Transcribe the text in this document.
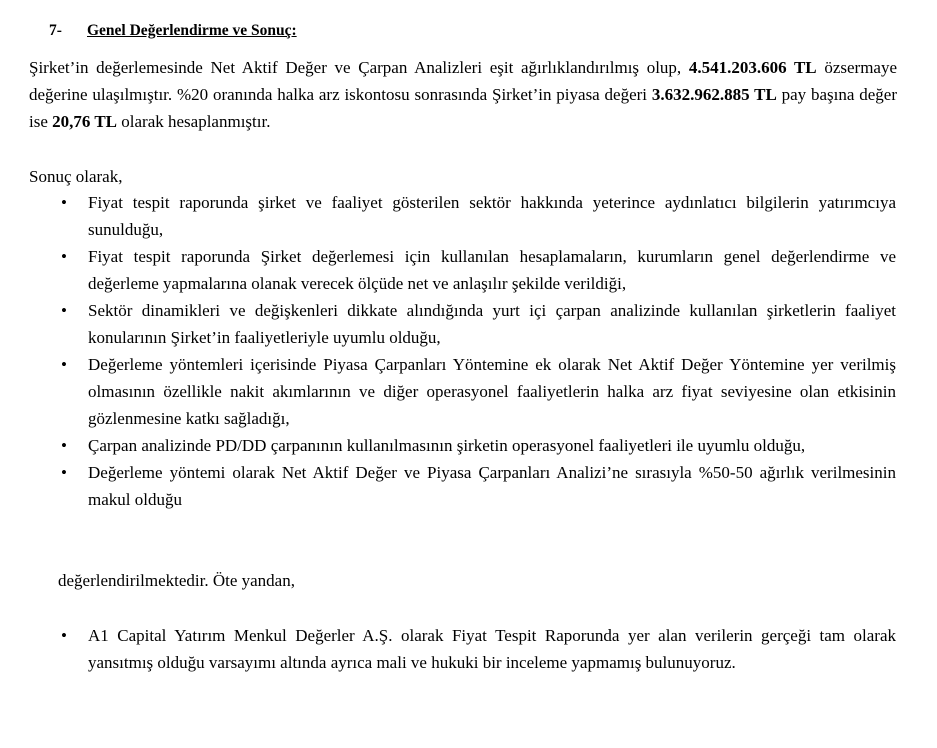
7- Genel Değerlendirme ve Sonuç:
Şirket’in değerlemesinde Net Aktif Değer ve Çarpan Analizleri eşit ağırlıklandırılmış olup, 4.541.203.606 TL özsermaye değerine ulaşılmıştır. %20 oranında halka arz iskontosu sonrasında Şirket’in piyasa değeri 3.632.962.885 TL pay başına değer ise 20,76 TL olarak hesaplanmıştır.
Sonuç olarak,
• Fiyat tespit raporunda şirket ve faaliyet gösterilen sektör hakkında yeterince aydınlatıcı bilgilerin yatırımcıya sunulduğu,
• Fiyat tespit raporunda Şirket değerlemesi için kullanılan hesaplamaların, kurumların genel değerlendirme ve değerleme yapmalarına olanak verecek ölçüde net ve anlaşılır şekilde verildiği,
• Sektör dinamikleri ve değişkenleri dikkate alındığında yurt içi çarpan analizinde kullanılan şirketlerin faaliyet konularının Şirket’in faaliyetleriyle uyumlu olduğu,
• Değerleme yöntemleri içerisinde Piyasa Çarpanları Yöntemine ek olarak Net Aktif Değer Yöntemine yer verilmiş olmasının özellikle nakit akımlarının ve diğer operasyonel faaliyetlerin halka arz fiyat seviyesine olan etkisinin gözlenmesine katkı sağladığı,
• Çarpan analizinde PD/DD çarpanının kullanılmasının şirketin operasyonel faaliyetleri ile uyumlu olduğu,
• Değerleme yöntemi olarak Net Aktif Değer ve Piyasa Çarpanları Analizi’ne sırasıyla %50-50 ağırlık verilmesinin makul olduğu
değerlendirilmektedir. Öte yandan,
• A1 Capital Yatırım Menkul Değerler A.Ş. olarak Fiyat Tespit Raporunda yer alan verilerin gerçeği tam olarak yansıtmış olduğu varsayımı altında ayrıca mali ve hukuki bir inceleme yapmamış bulunuyoruz.
